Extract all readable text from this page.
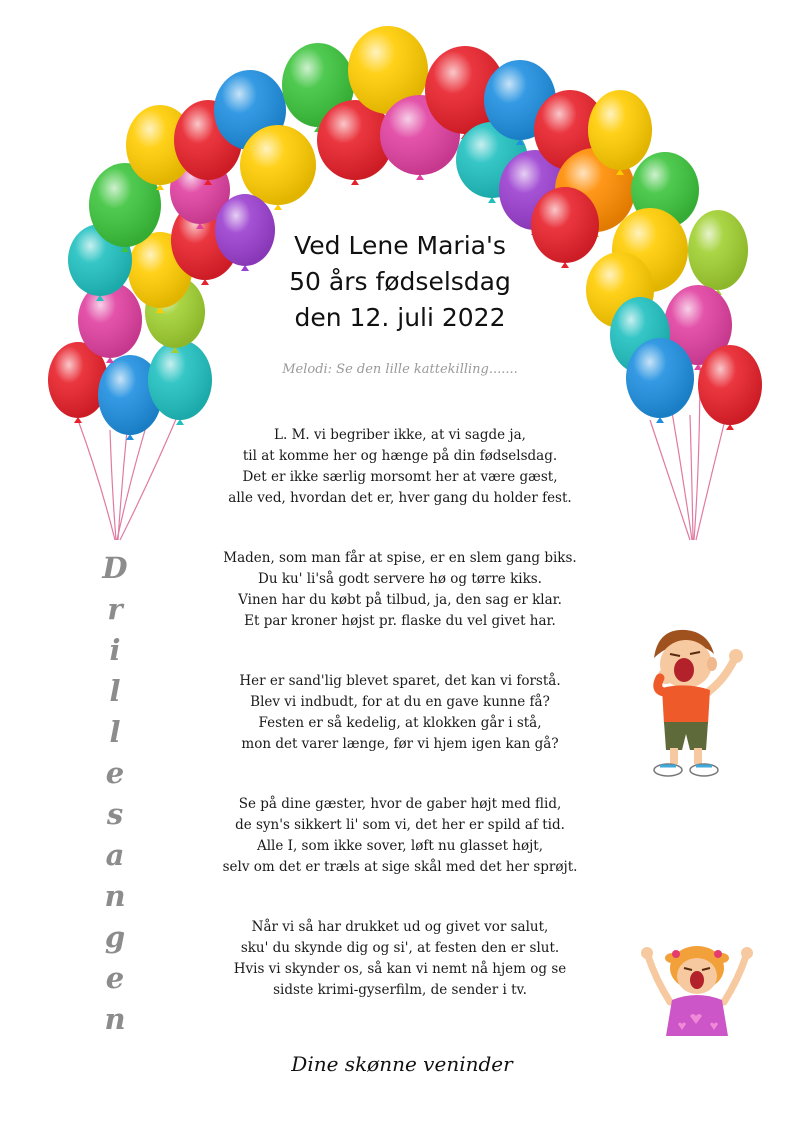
Ved Lene Maria's
50 års fødselsdag
den 12. juli 2022
Melodi: Se den lille kattekilling.......
L. M. vi begriber ikke, at vi sagde ja,
til at komme her og hænge på din fødselsdag.
Det er ikke særlig morsomt her at være gæst,
alle ved, hvordan det er, hver gang du holder fest.
Maden, som man får at spise, er en slem gang biks.
Du ku' li'så godt servere hø og tørre kiks.
Vinen har du købt på tilbud, ja, den sag er klar.
Et par kroner højst pr. flaske du vel givet har.
Her er sand'lig blevet sparet, det kan vi forstå.
Blev vi indbudt, for at du en gave kunne få?
Festen er så kedelig, at klokken går i stå,
mon det varer længe, før vi hjem igen kan gå?
Se på dine gæster, hvor de gaber højt med flid,
de syn's sikkert li' som vi, det her er spild af tid.
Alle I, som ikke sover, løft nu glasset højt,
selv om det er træls at sige skål med det her sprøjt.
Når vi så har drukket ud og givet vor salut,
sku' du skynde dig og si', at festen den er slut.
Hvis vi skynder os, så kan vi nemt nå hjem og se
sidste krimi-gyserfilm, de sender i tv.
D
r
i
l
l
e
s
a
n
g
e
n
Dine skønne veninder
